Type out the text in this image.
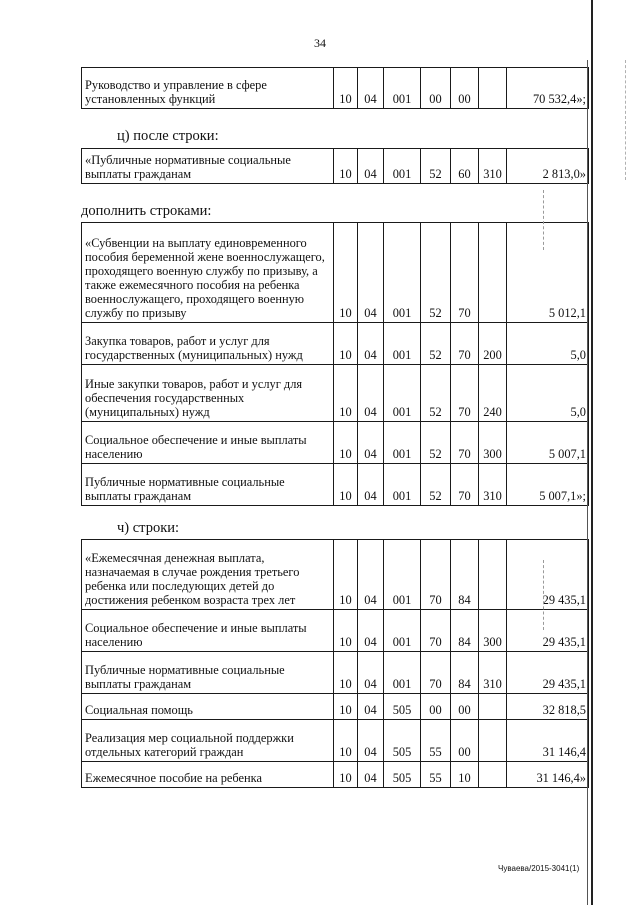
34
Руководство и управление в сфере установленных функций	10	04	001	00	00		70 532,4»;
ц) после строки:
«Публичные нормативные социальные выплаты гражданам	10	04	001	52	60	310	2 813,0»
дополнить строками:
«Субвенции на выплату единовременного пособия беременной жене военнослужащего, проходящего военную службу по призыву, а также ежемесячного пособия на ребенка военнослужащего, проходящего военную службу по призыву	10	04	001	52	70		5 012,1
Закупка товаров, работ и услуг для государственных (муниципальных) нужд	10	04	001	52	70	200	5,0
Иные закупки товаров, работ и услуг для обеспечения государственных (муниципальных) нужд	10	04	001	52	70	240	5,0
Социальное обеспечение и иные выплаты населению	10	04	001	52	70	300	5 007,1
Публичные нормативные социальные выплаты гражданам	10	04	001	52	70	310	5 007,1»;
ч) строки:
«Ежемесячная денежная выплата, назначаемая в случае рождения третьего ребенка или последующих детей до достижения ребенком возраста трех лет	10	04	001	70	84		29 435,1
Социальное обеспечение и иные выплаты населению	10	04	001	70	84	300	29 435,1
Публичные нормативные социальные выплаты гражданам	10	04	001	70	84	310	29 435,1
Социальная помощь	10	04	505	00	00		32 818,5
Реализация мер социальной поддержки отдельных категорий граждан	10	04	505	55	00		31 146,4
Ежемесячное пособие на ребенка	10	04	505	55	10		31 146,4»
Чуваева/2015-3041(1)
